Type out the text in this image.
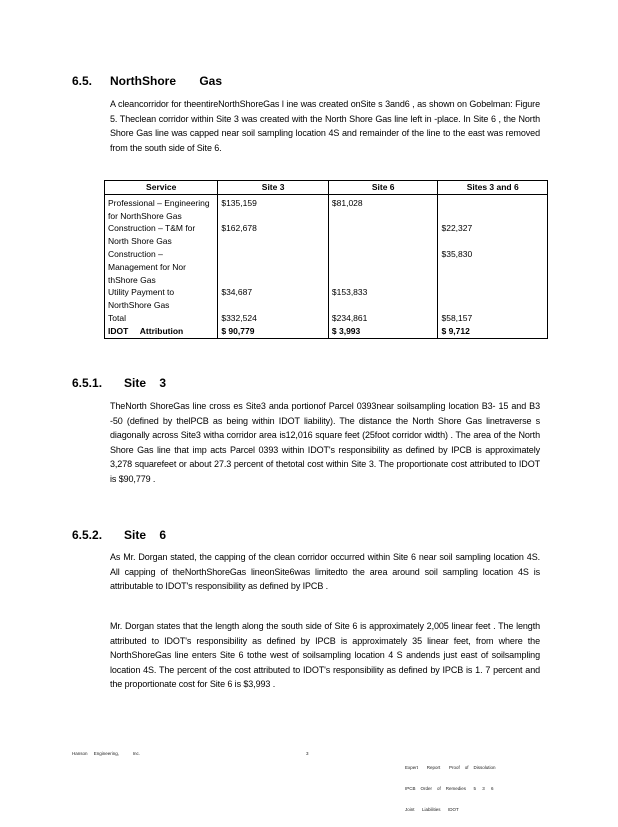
6.5. NorthShore       Gas
A cleancorridor for theentireNorthShoreGas l ine was created onSite s 3and6 , as shown on Gobelman: Figure 5. Theclean corridor within Site 3 was created with the North Shore Gas line left in -place. In Site 6 , the North Shore Gas line was capped near soil sampling location 4S and remainder of the line to the east was removed from the south side of Site 6.
Service	Site 3	Site 6	Sites 3 and 6
Professional – Engineering for NorthShore Gas	$135,159	$81,028	
Construction – T&M for North Shore Gas	$162,678		$22,327
Construction – Management for Nor thShore Gas			$35,830
Utility Payment to NorthShore Gas	$34,687	$153,833	
Total	$332,524	$234,861	$58,157
IDOT     Attribution	$ 90,779	$ 3,993	$ 9,712
6.5.1. Site    3
TheNorth ShoreGas line cross es Site3 anda portionof Parcel 0393near soilsampling location B3- 15 and B3 -50 (defined by thelPCB as being within IDOT liability). The distance the North Shore Gas linetraverse s diagonally across Site3 witha corridor area is12,016 square feet (25foot corridor width) . The area of the North Shore Gas line that imp acts Parcel 0393 within IDOT's responsibility as defined by IPCB is approximately 3,278 squarefeet or about 27.3 percent of thetotal cost within Site 3. The proportionate cost attributed to IDOT is $90,779 .
6.5.2. Site    6
As Mr. Dorgan stated, the capping of the clean corridor occurred within Site 6 near soil sampling location 4S. All capping of theNorthShoreGas lineonSite6was limitedto the area around soil sampling location 4S is attributable to IDOT's responsibility as defined by IPCB .
Mr. Dorgan states that the length along the south side of Site 6 is approximately 2,005 linear feet . The length attributed to IDOT's responsibility as defined by IPCB is approximately 35 linear feet, from where the NorthShoreGas line enters Site 6 tothe west of soilsampling location 4 S andends just east of soilsampling location 4S. The percent of the cost attributed to IDOT's responsibility as defined by IPCB is 1. 7 percent and the proportionate cost for Site 6 is $3,993 .
Hanson     Engineering,           Inc.	3

Expert       Report       Proof    of    Dissolution

IPCB    Order    of    Remedies      5     3     6

Joint      Liabilities      IDOT
